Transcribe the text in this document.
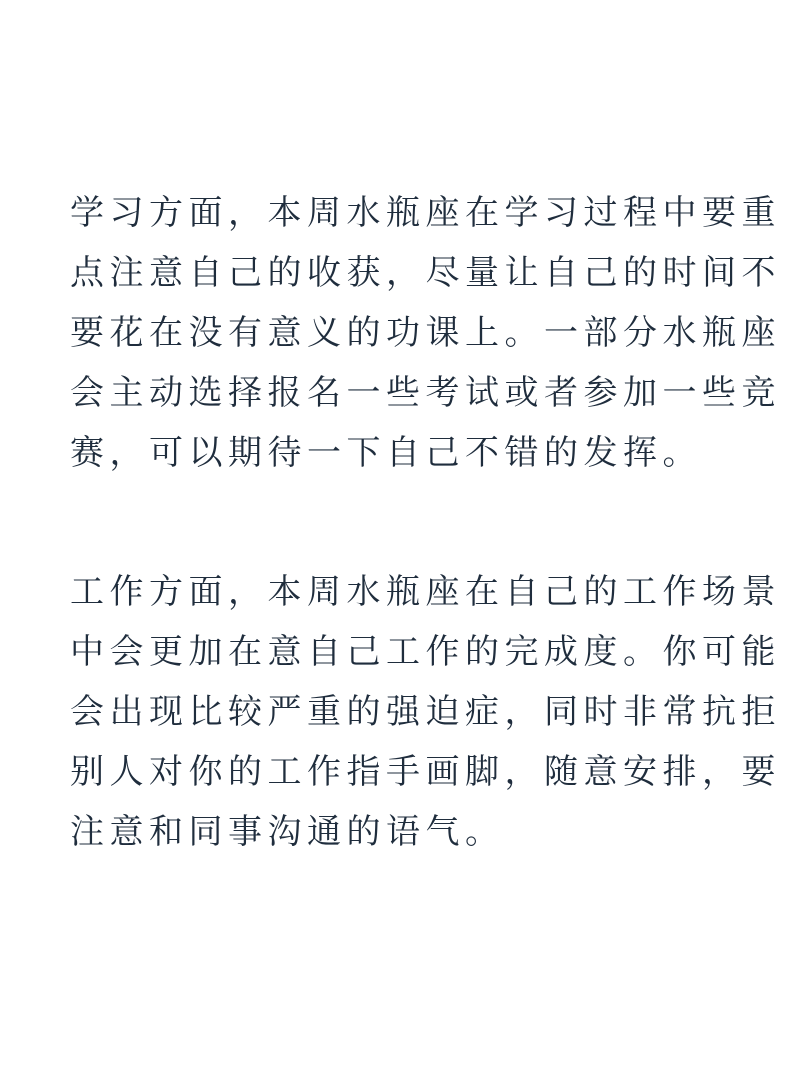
学习方面，本周水瓶座在学习过程中要重
点注意自己的收获，尽量让自己的时间不
要花在没有意义的功课上。一部分水瓶座
会主动选择报名一些考试或者参加一些竞
赛，可以期待一下自己不错的发挥。

工作方面，本周水瓶座在自己的工作场景
中会更加在意自己工作的完成度。你可能
会出现比较严重的强迫症，同时非常抗拒
别人对你的工作指手画脚，随意安排，要
注意和同事沟通的语气。
